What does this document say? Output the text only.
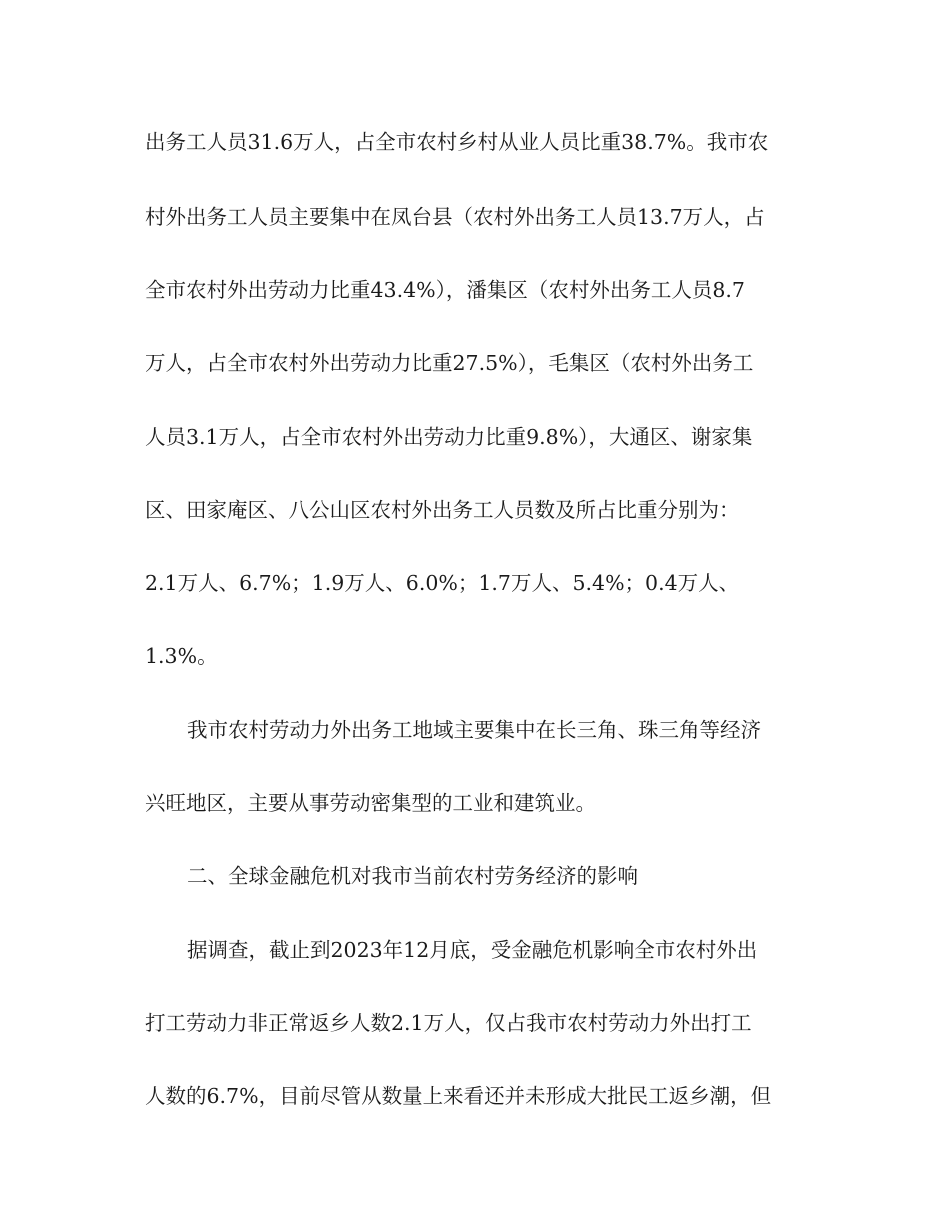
出务工人员31.6万人，占全市农村乡村从业人员比重38.7%。我市农
村外出务工人员主要集中在凤台县（农村外出务工人员13.7万人，占
全市农村外出劳动力比重43.4%），潘集区（农村外出务工人员8.7
万人，占全市农村外出劳动力比重27.5%），毛集区（农村外出务工
人员3.1万人，占全市农村外出劳动力比重9.8%），大通区、谢家集
区、田家庵区、八公山区农村外出务工人员数及所占比重分别为：
2.1万人、6.7%；1.9万人、6.0%；1.7万人、5.4%；0.4万人、
1.3%。
我市农村劳动力外出务工地域主要集中在长三角、珠三角等经济
兴旺地区，主要从事劳动密集型的工业和建筑业。
二、全球金融危机对我市当前农村劳务经济的影响
据调查，截止到2023年12月底，受金融危机影响全市农村外出
打工劳动力非正常返乡人数2.1万人，仅占我市农村劳动力外出打工
人数的6.7%，目前尽管从数量上来看还并未形成大批民工返乡潮，但
